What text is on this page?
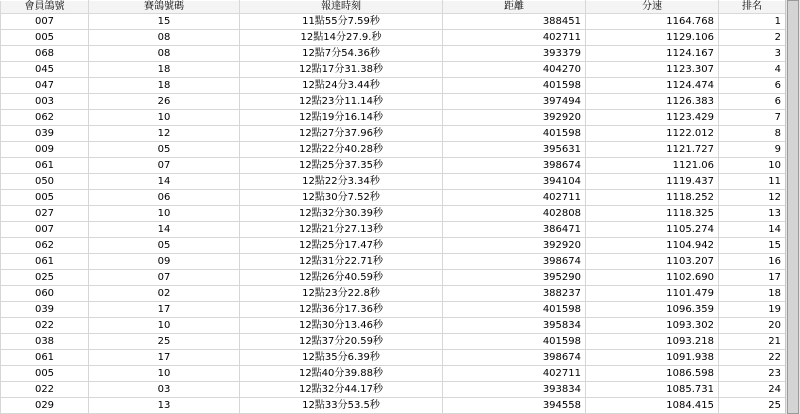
會員鴿號	賽鴿號碼	報達時刻	距離	分速	排名
007	15	11點55分7.59秒	388451	1164.768	1
005	08	12點14分27.9.秒	402711	1129.106	2
068	08	12點7分54.36秒	393379	1124.167	3
045	18	12點17分31.38秒	404270	1123.307	4
047	18	12點24分3.44秒	401598	1124.474	6
003	26	12點23分11.14秒	397494	1126.383	6
062	10	12點19分16.14秒	392920	1123.429	7
039	12	12點27分37.96秒	401598	1122.012	8
009	05	12點22分40.28秒	395631	1121.727	9
061	07	12點25分37.35秒	398674	1121.06	10
050	14	12點22分3.34秒	394104	1119.437	11
005	06	12點30分7.52秒	402711	1118.252	12
027	10	12點32分30.39秒	402808	1118.325	13
007	14	12點21分27.13秒	386471	1105.274	14
062	05	12點25分17.47秒	392920	1104.942	15
061	09	12點31分22.71秒	398674	1103.207	16
025	07	12點26分40.59秒	395290	1102.690	17
060	02	12點23分22.8秒	388237	1101.479	18
039	17	12點36分17.36秒	401598	1096.359	19
022	10	12點30分13.46秒	395834	1093.302	20
038	25	12點37分20.59秒	401598	1093.218	21
061	17	12點35分6.39秒	398674	1091.938	22
005	10	12點40分39.88秒	402711	1086.598	23
022	03	12點32分44.17秒	393834	1085.731	24
029	13	12點33分53.5秒	394558	1084.415	25
